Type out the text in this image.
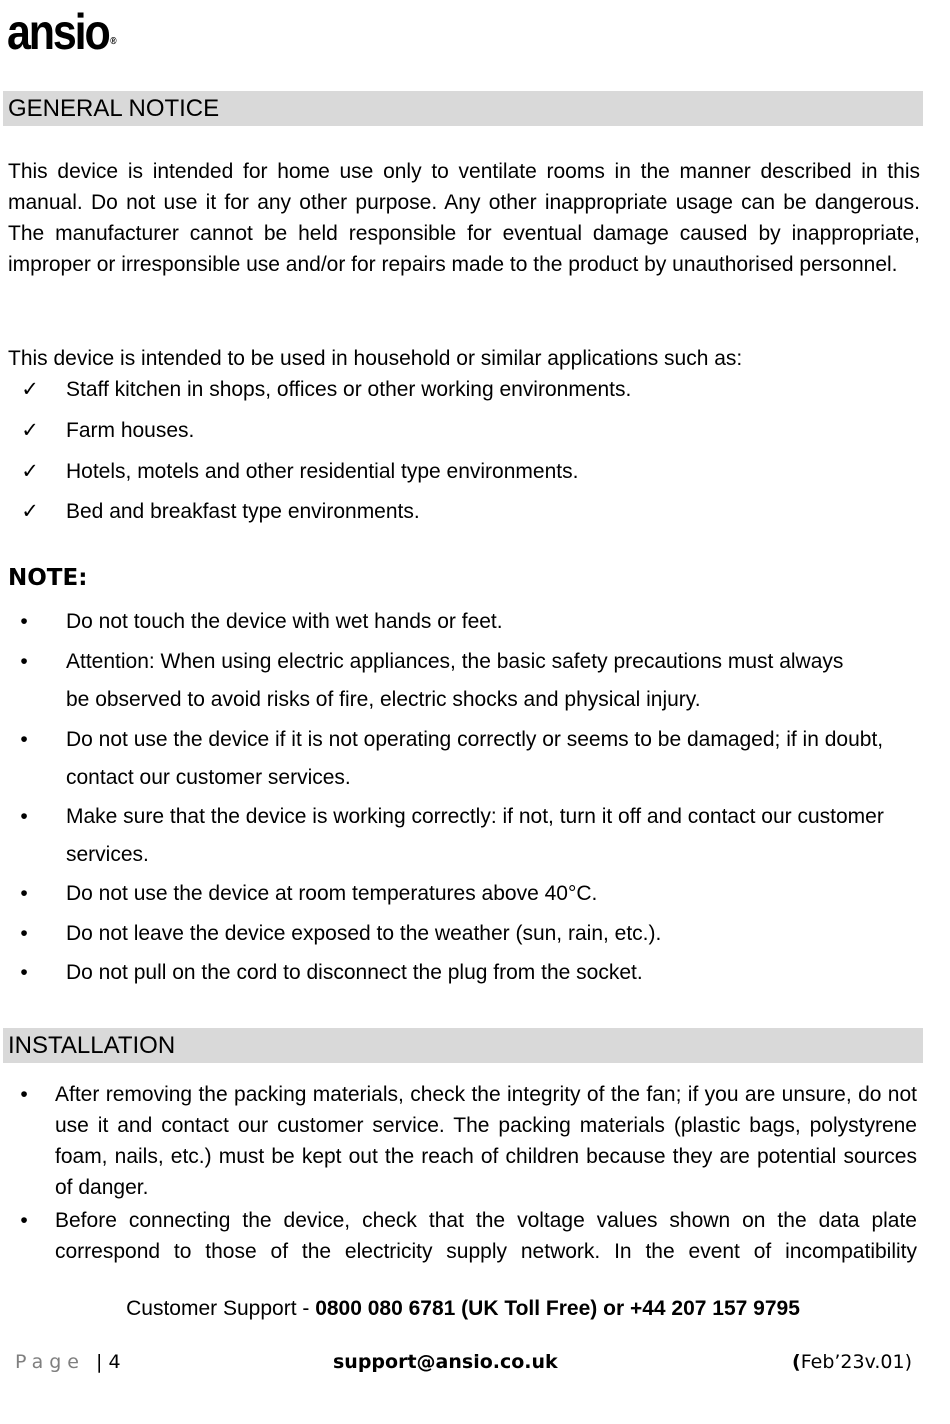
ansio ®
GENERAL NOTICE

This device is intended for home use only to ventilate rooms in the manner described in this manual. Do not use it for any other purpose. Any other inappropriate usage can be dangerous. The manufacturer cannot be held responsible for eventual damage caused by inappropriate, improper or irresponsible use and/or for repairs made to the product by unauthorised personnel.

This device is intended to be used in household or similar applications such as:

✓ Staff kitchen in shops, offices or other working environments.
✓ Farm houses.
✓ Hotels, motels and other residential type environments.
✓ Bed and breakfast type environments.
NOTE:
•	Do not touch the device with wet hands or feet.
•	Attention: When using electric appliances, the basic safety precautions must always be observed to avoid risks of fire, electric shocks and physical injury.
•	Do not use the device if it is not operating correctly or seems to be damaged; if in doubt, contact our customer services.
•	Make sure that the device is working correctly: if not, turn it off and contact our customer services.
•	Do not use the device at room temperatures above 40°C.
•	Do not leave the device exposed to the weather (sun, rain, etc.).
•	Do not pull on the cord to disconnect the plug from the socket.
INSTALLATION
•	After removing the packing materials, check the integrity of the fan; if you are unsure, do not use it and contact our customer service. The packing materials (plastic bags, polystyrene foam, nails, etc.) must be kept out the reach of children because they are potential sources of danger.
•	Before connecting the device, check that the voltage values shown on the data plate correspond to those of the electricity supply network. In the event of incompatibility
Customer Support - 0800 080 6781 (UK Toll Free) or +44 207 157 9795
Page | 4	support@ansio.co.uk	(Feb’23v.01)
